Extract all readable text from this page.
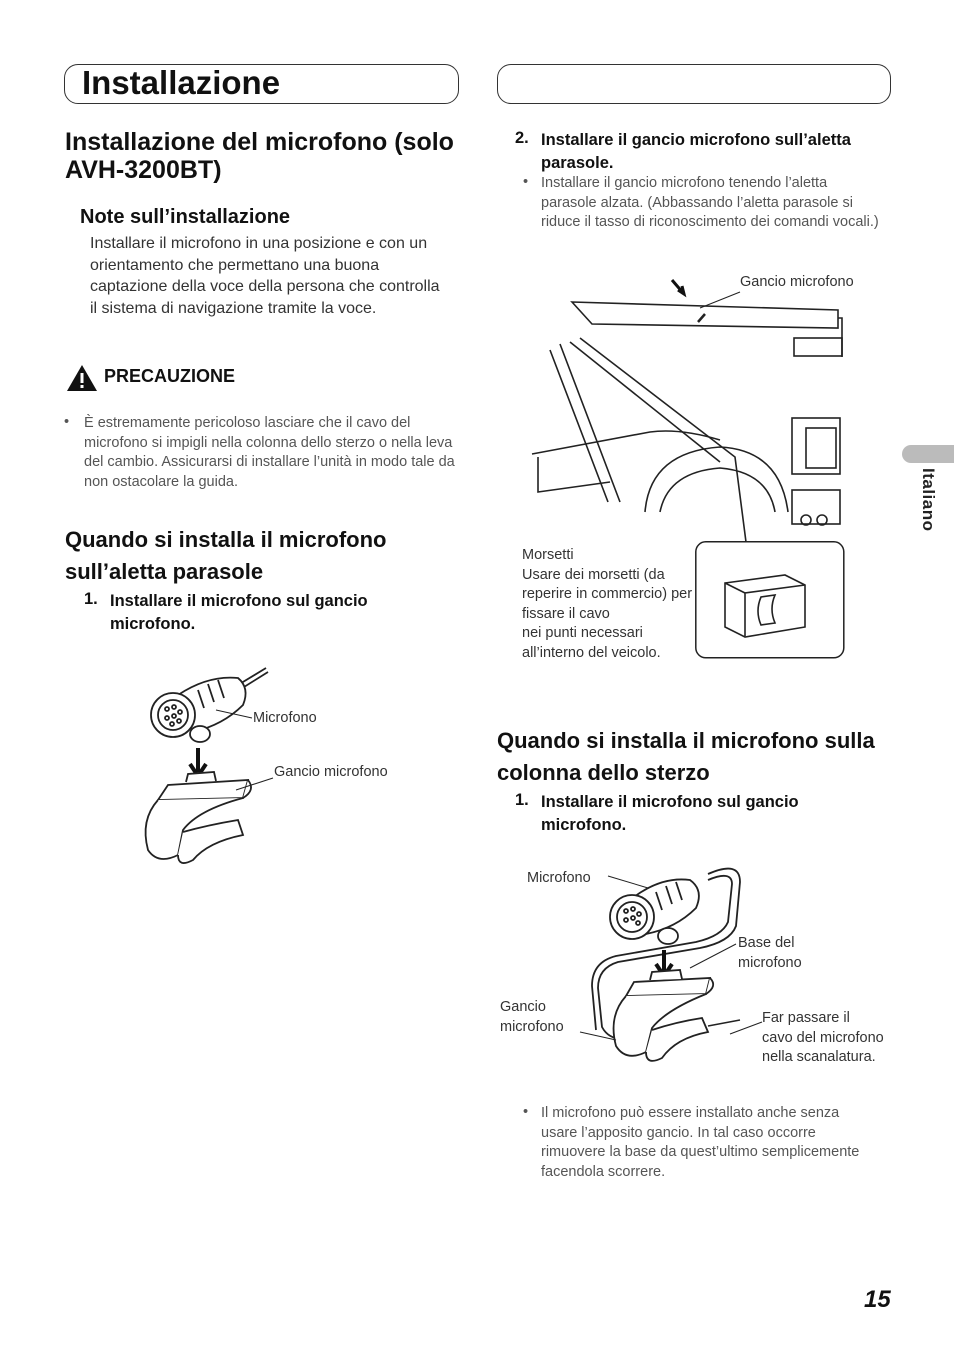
Installazione
Installazione del microfono (solo AVH-3200BT)
Note sull’installazione
Installare il microfono in una posizione e con un orientamento che permettano una buona captazione della voce della persona che controlla il sistema di navigazione tramite la voce.
PRECAUZIONE
• È estremamente pericoloso lasciare che il cavo del microfono si impigli nella colonna dello sterzo o nella leva del cambio. Assicurarsi di installare l’unità in modo tale da non ostacolare la guida.
Quando si installa il microfono sull’aletta parasole
1. Installare il microfono sul gancio microfono.
Microfono
Gancio microfono
2. Installare il gancio microfono sull’aletta parasole.
• Installare il gancio microfono tenendo l’aletta parasole alzata. (Abbassando l’aletta parasole si riduce il tasso di riconoscimento dei comandi vocali.)
Gancio microfono
Morsetti
Usare dei morsetti (da reperire in commercio) per fissare il cavo
nei punti necessari all’interno del veicolo.
Quando si installa il microfono sulla colonna dello sterzo
1. Installare il microfono sul gancio microfono.
Microfono
Base del microfono
Gancio microfono
Far passare il cavo del microfono nella scanalatura.
• Il microfono può essere installato anche senza usare l’apposito gancio. In tal caso occorre rimuovere la base da quest’ultimo semplicemente facendola scorrere.
Italiano
15
